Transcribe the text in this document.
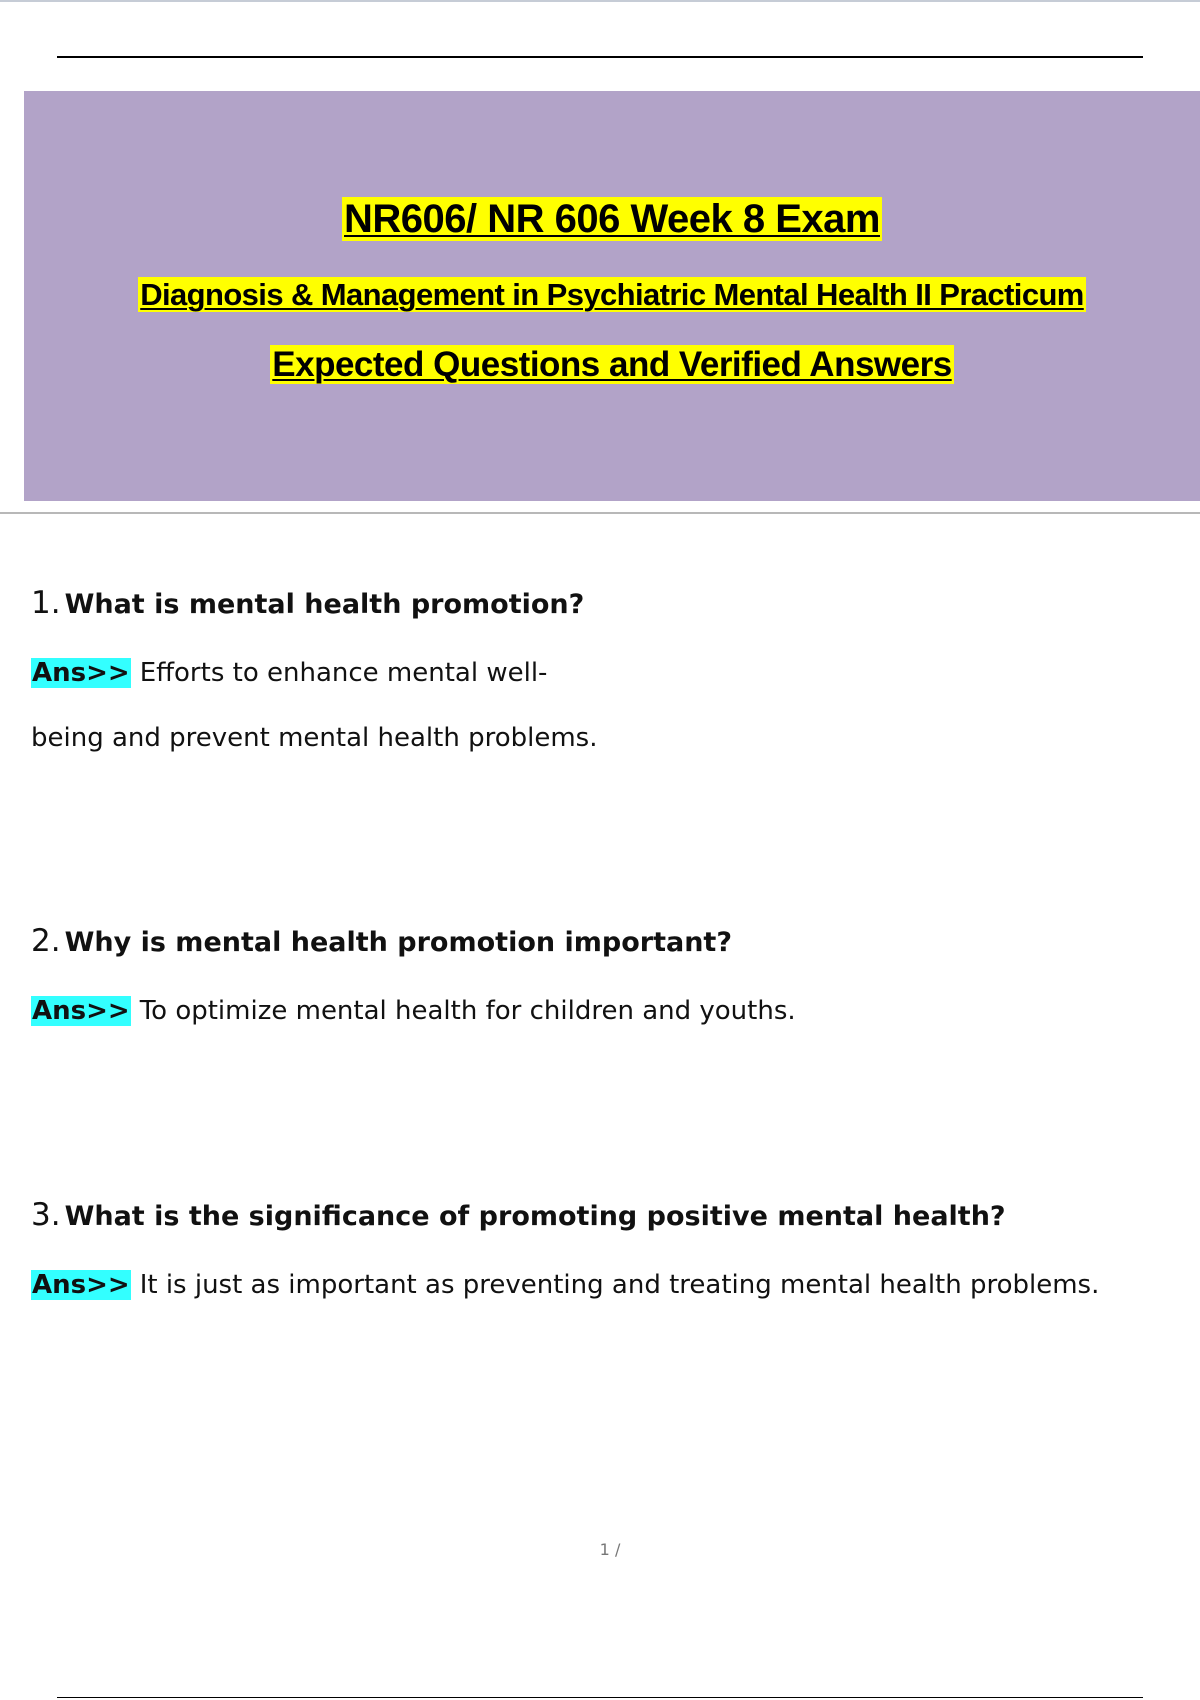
NR606/ NR 606 Week 8 Exam
Diagnosis & Management in Psychiatric Mental Health II Practicum
Expected Questions and Verified Answers
1. What is mental health promotion?
Ans>> Efforts to enhance mental well-
being and prevent mental health problems.
2. Why is mental health promotion important?
Ans>> To optimize mental health for children and youths.
3. What is the significance of promoting positive mental health?
Ans>> It is just as important as preventing and treating mental health problems.
1 /
